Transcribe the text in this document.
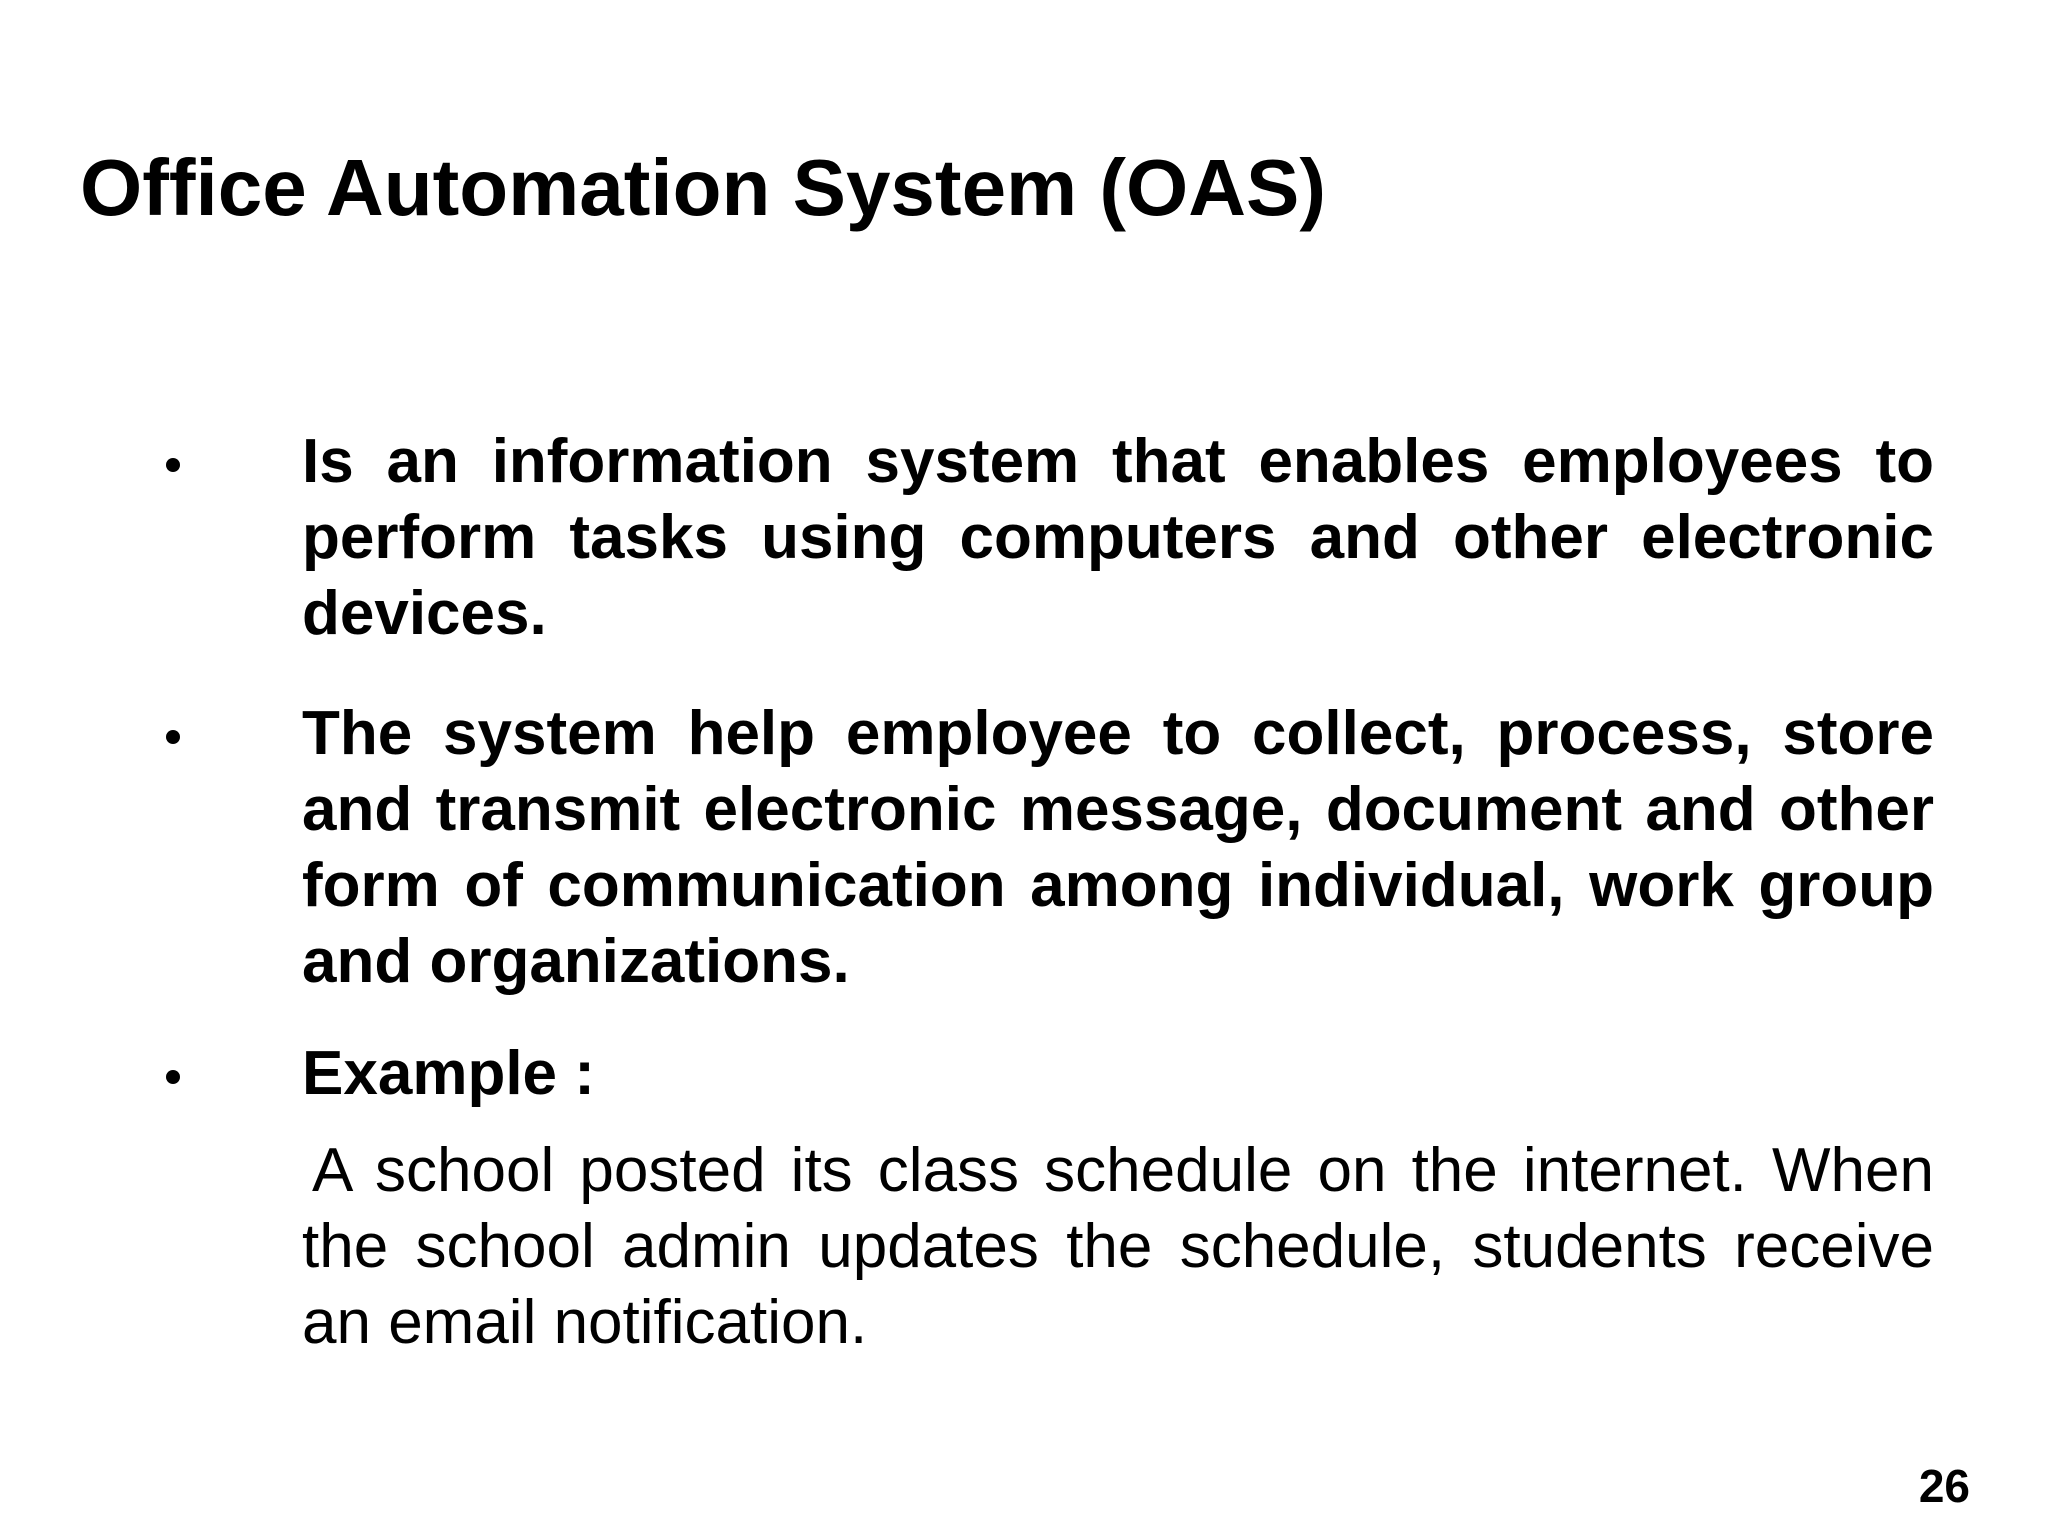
Office Automation System (OAS)
Is an information system that enables employees to perform tasks using computers and other electronic devices.
The system help employee to collect, process, store and transmit electronic message, document and other form of communication among individual, work group and organizations.
Example :
A school posted its class schedule on the internet. When the school admin updates the schedule, students receive an email notification.
26
